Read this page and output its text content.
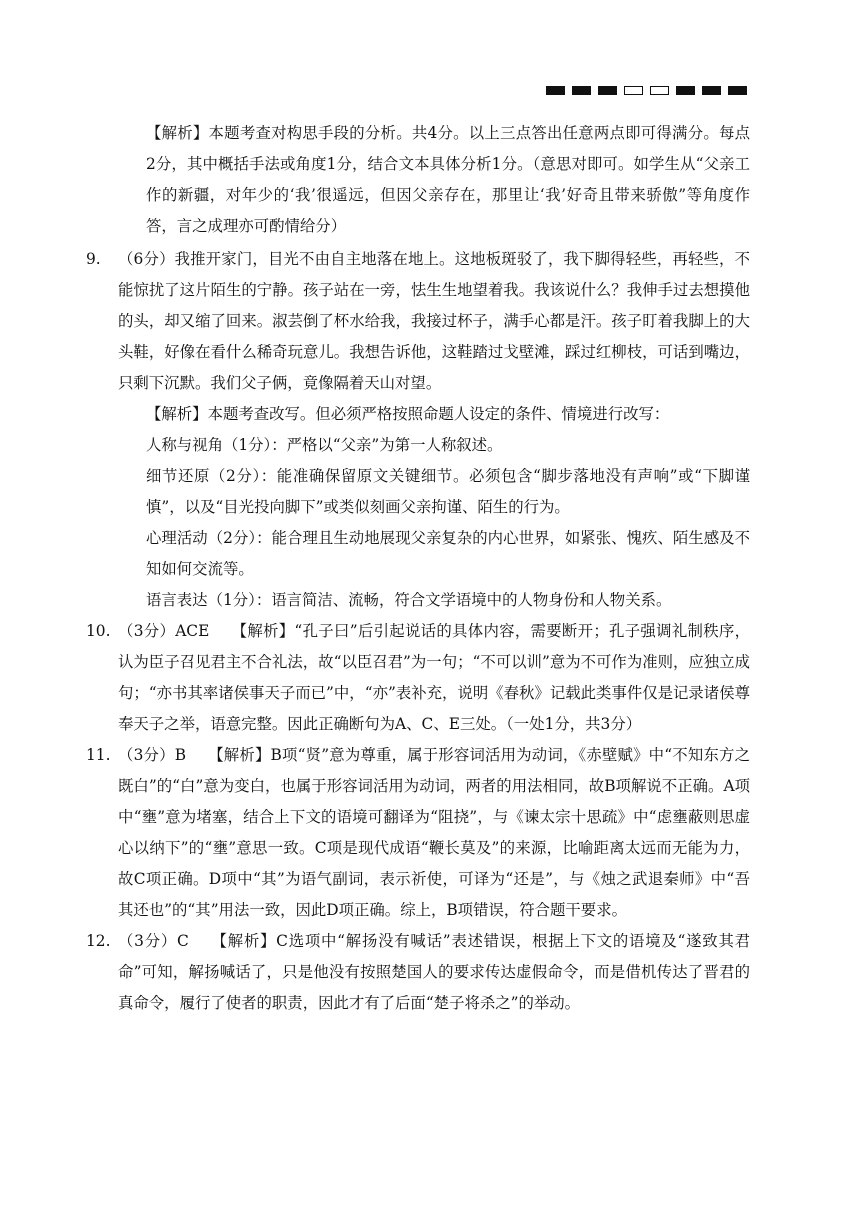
【解析】本题考查对构思手段的分析。共4分。以上三点答出任意两点即可得满分。每点2分，其中概括手法或角度1分，结合文本具体分析1分。（意思对即可。如学生从“父亲工作的新疆，对年少的‘我’很遥远，但因父亲存在，那里让‘我’好奇且带来骄傲”等角度作答，言之成理亦可酌情给分）

9.	（6分）我推开家门，目光不由自主地落在地上。这地板斑驳了，我下脚得轻些，再轻些，不能惊扰了这片陌生的宁静。孩子站在一旁，怯生生地望着我。我该说什么？我伸手过去想摸他的头，却又缩了回来。淑芸倒了杯水给我，我接过杯子，满手心都是汗。孩子盯着我脚上的大头鞋，好像在看什么稀奇玩意儿。我想告诉他，这鞋踏过戈壁滩，踩过红柳枝，可话到嘴边，只剩下沉默。我们父子俩，竟像隔着天山对望。

【解析】本题考查改写。但必须严格按照命题人设定的条件、情境进行改写：

人称与视角（1分）：严格以“父亲”为第一人称叙述。

细节还原（2分）：能准确保留原文关键细节。必须包含“脚步落地没有声响”或“下脚谨慎”，以及“目光投向脚下”或类似刻画父亲拘谨、陌生的行为。

心理活动（2分）：能合理且生动地展现父亲复杂的内心世界，如紧张、愧疚、陌生感及不知如何交流等。

语言表达（1分）：语言简洁、流畅，符合文学语境中的人物身份和人物关系。

10. （3分）ACE 【解析】“孔子曰”后引起说话的具体内容，需要断开；孔子强调礼制秩序，认为臣子召见君主不合礼法，故“以臣召君”为一句；“不可以训”意为不可作为准则，应独立成句；“亦书其率诸侯事天子而已”中，“亦”表补充，说明《春秋》记载此类事件仅是记录诸侯尊奉天子之举，语意完整。因此正确断句为A、C、E三处。（一处1分，共3分）

11. （3分）B 【解析】B项“贤”意为尊重，属于形容词活用为动词，《赤壁赋》中“不知东方之既白”的“白”意为变白，也属于形容词活用为动词，两者的用法相同，故B项解说不正确。A项中“壅”意为堵塞，结合上下文的语境可翻译为“阻挠”，与《谏太宗十思疏》中“虑壅蔽则思虚心以纳下”的“壅”意思一致。C项是现代成语“鞭长莫及”的来源，比喻距离太远而无能为力，故C项正确。D项中“其”为语气副词，表示祈使，可译为“还是”，与《烛之武退秦师》中“吾其还也”的“其”用法一致，因此D项正确。综上，B项错误，符合题干要求。

12. （3分）C 【解析】C选项中“解扬没有喊话”表述错误，根据上下文的语境及“遂致其君命”可知，解扬喊话了，只是他没有按照楚国人的要求传达虚假命令，而是借机传达了晋君的真命令，履行了使者的职责，因此才有了后面“楚子将杀之”的举动。
